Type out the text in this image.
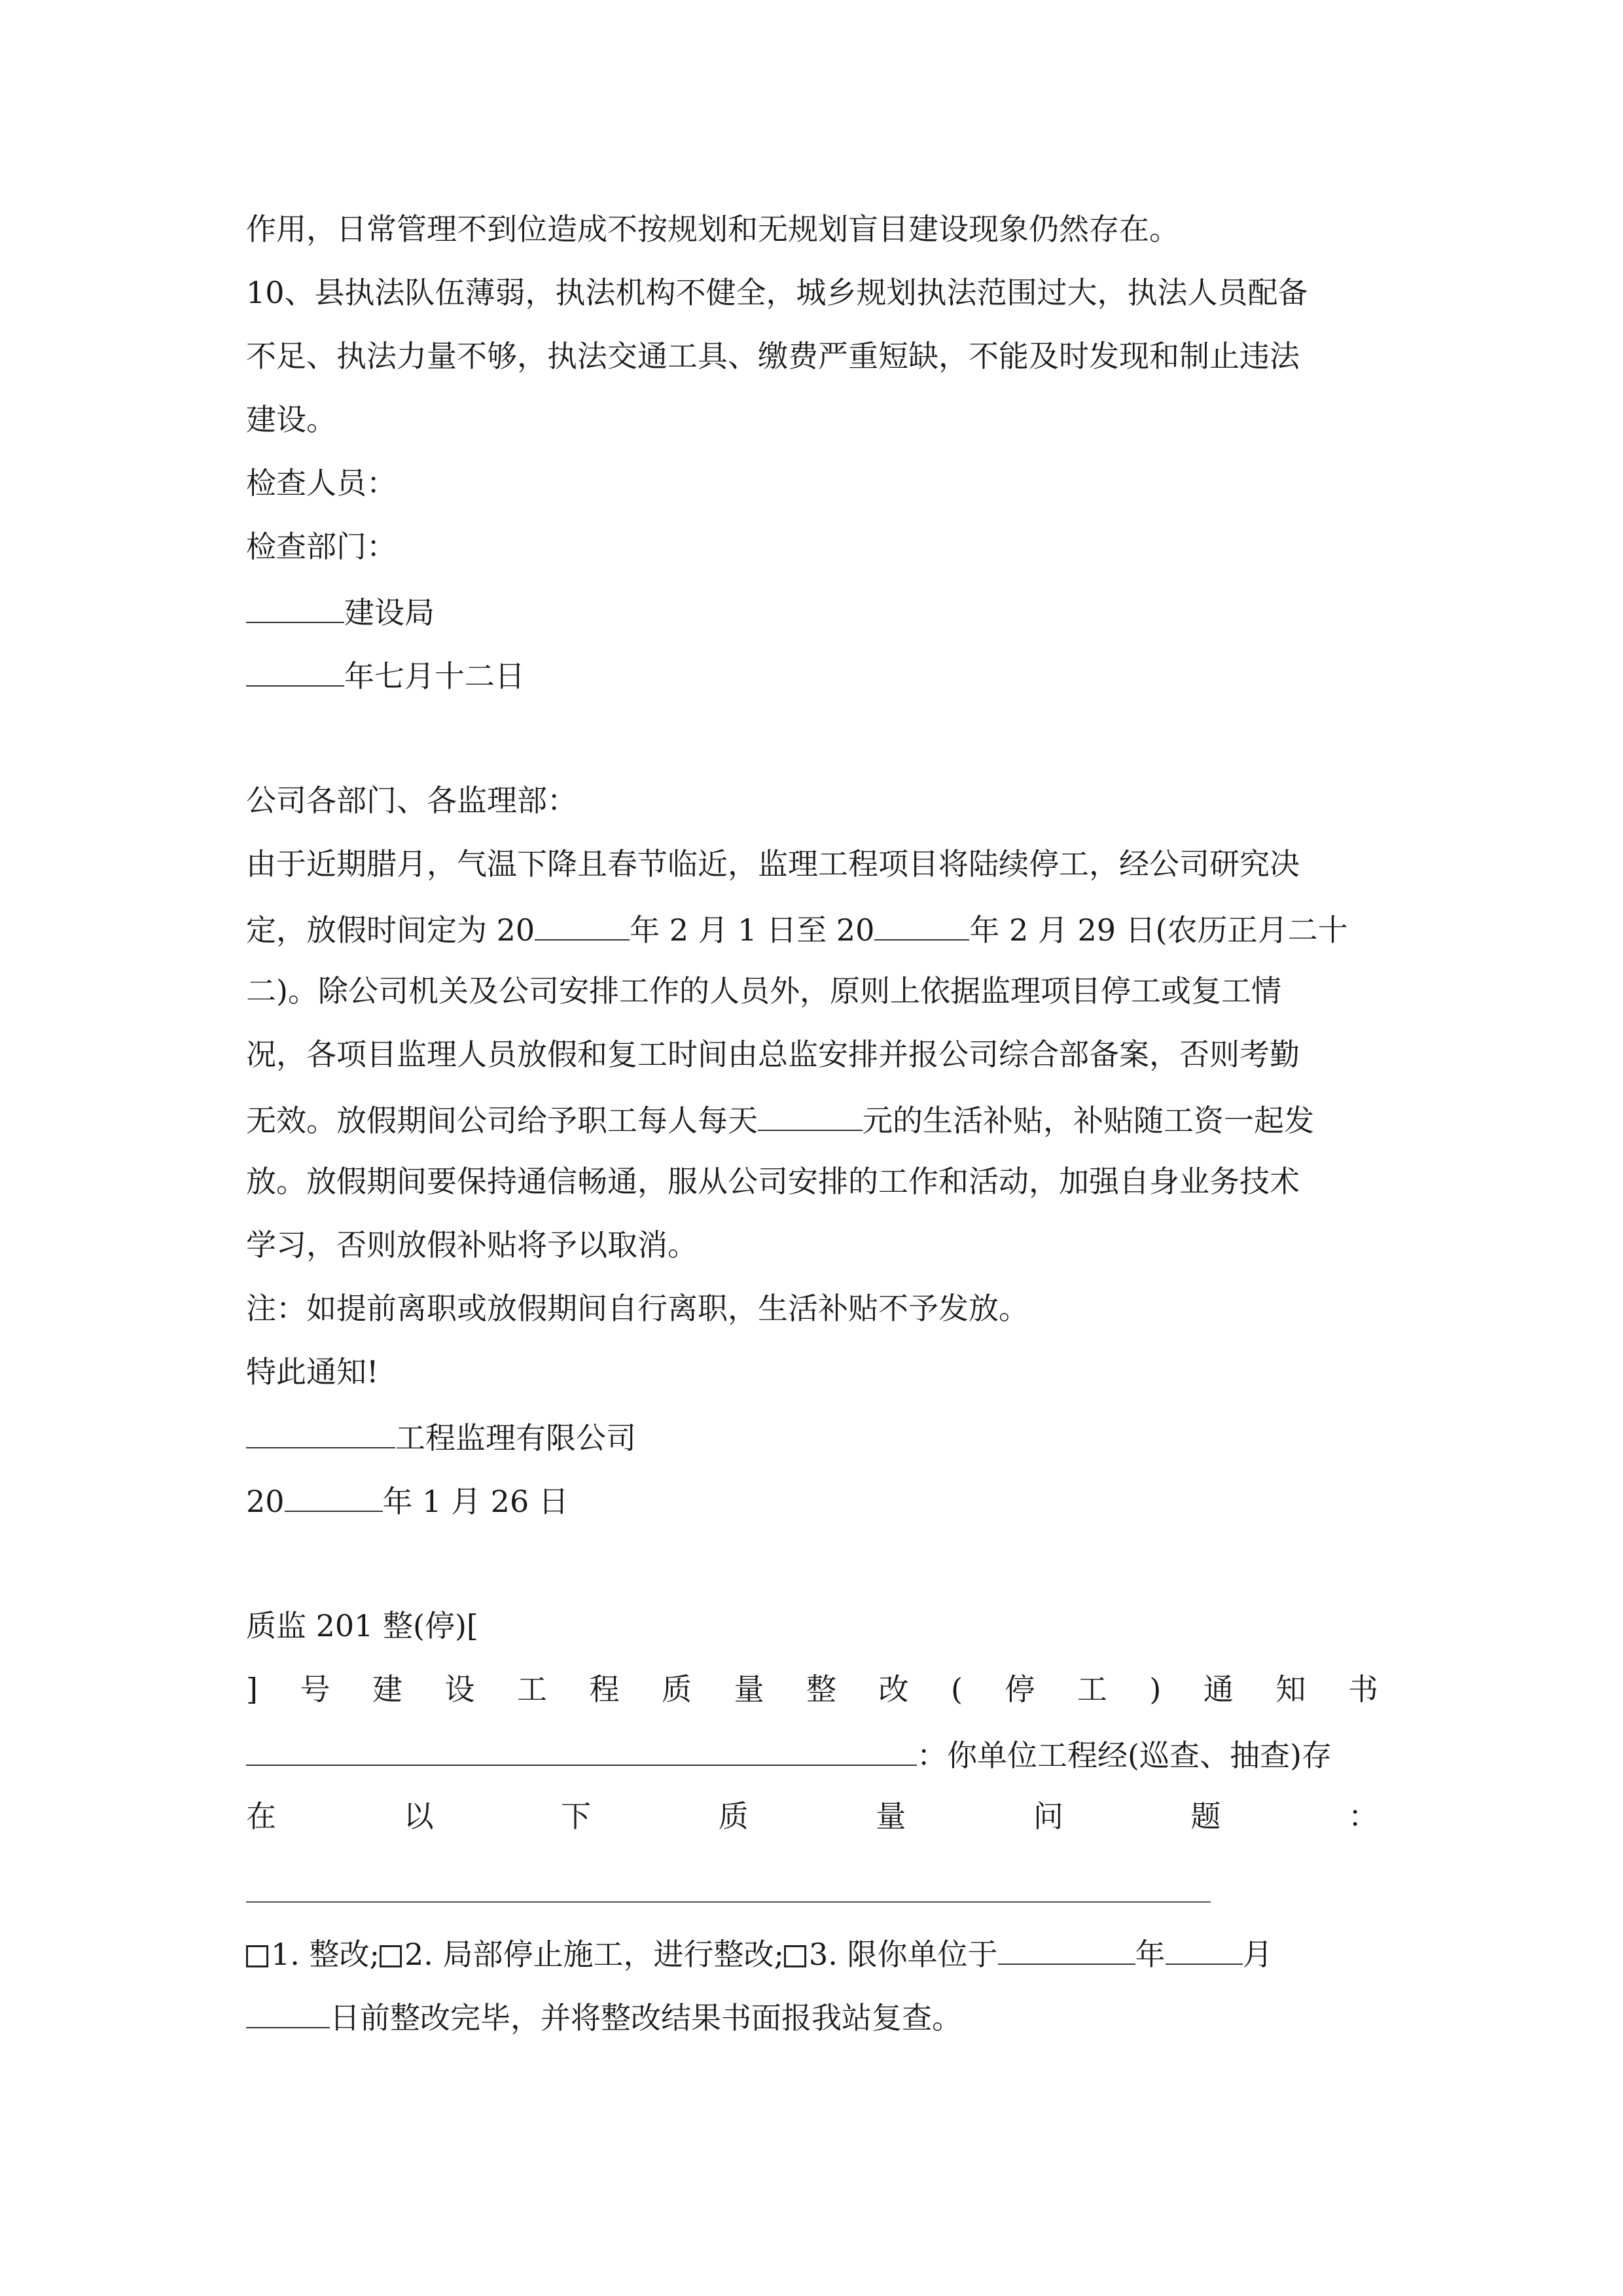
作用，日常管理不到位造成不按规划和无规划盲目建设现象仍然存在。
10、县执法队伍薄弱，执法机构不健全，城乡规划执法范围过大，执法人员配备
不足、执法力量不够，执法交通工具、缴费严重短缺，不能及时发现和制止违法
建设。
检查人员：
检查部门：
建设局
年七月十二日
公司各部门、各监理部：
由于近期腊月，气温下降且春节临近，监理工程项目将陆续停工，经公司研究决
定，放假时间定为 20	年 2 月 1 日至 20	年 2 月 29 日(农历正月二十
二)。除公司机关及公司安排工作的人员外，原则上依据监理项目停工或复工情
况，各项目监理人员放假和复工时间由总监安排并报公司综合部备案，否则考勤
无效。放假期间公司给予职工每人每天	元的生活补贴，补贴随工资一起发
放。放假期间要保持通信畅通，服从公司安排的工作和活动，加强自身业务技术
学习，否则放假补贴将予以取消。
注：如提前离职或放假期间自行离职，生活补贴不予发放。
特此通知!
工程监理有限公司
20	年 1 月 26 日
质监 201 整(停)[
] 号 建 设 工 程 质 量 整 改 ( 停 工 ) 通 知 书
：你单位工程经(巡查、抽查)存
在	以	下	质	量	问	题	：
1. 整改; 2. 局部停止施工，进行整改; 3. 限你单位于	年	月
日前整改完毕，并将整改结果书面报我站复查。
